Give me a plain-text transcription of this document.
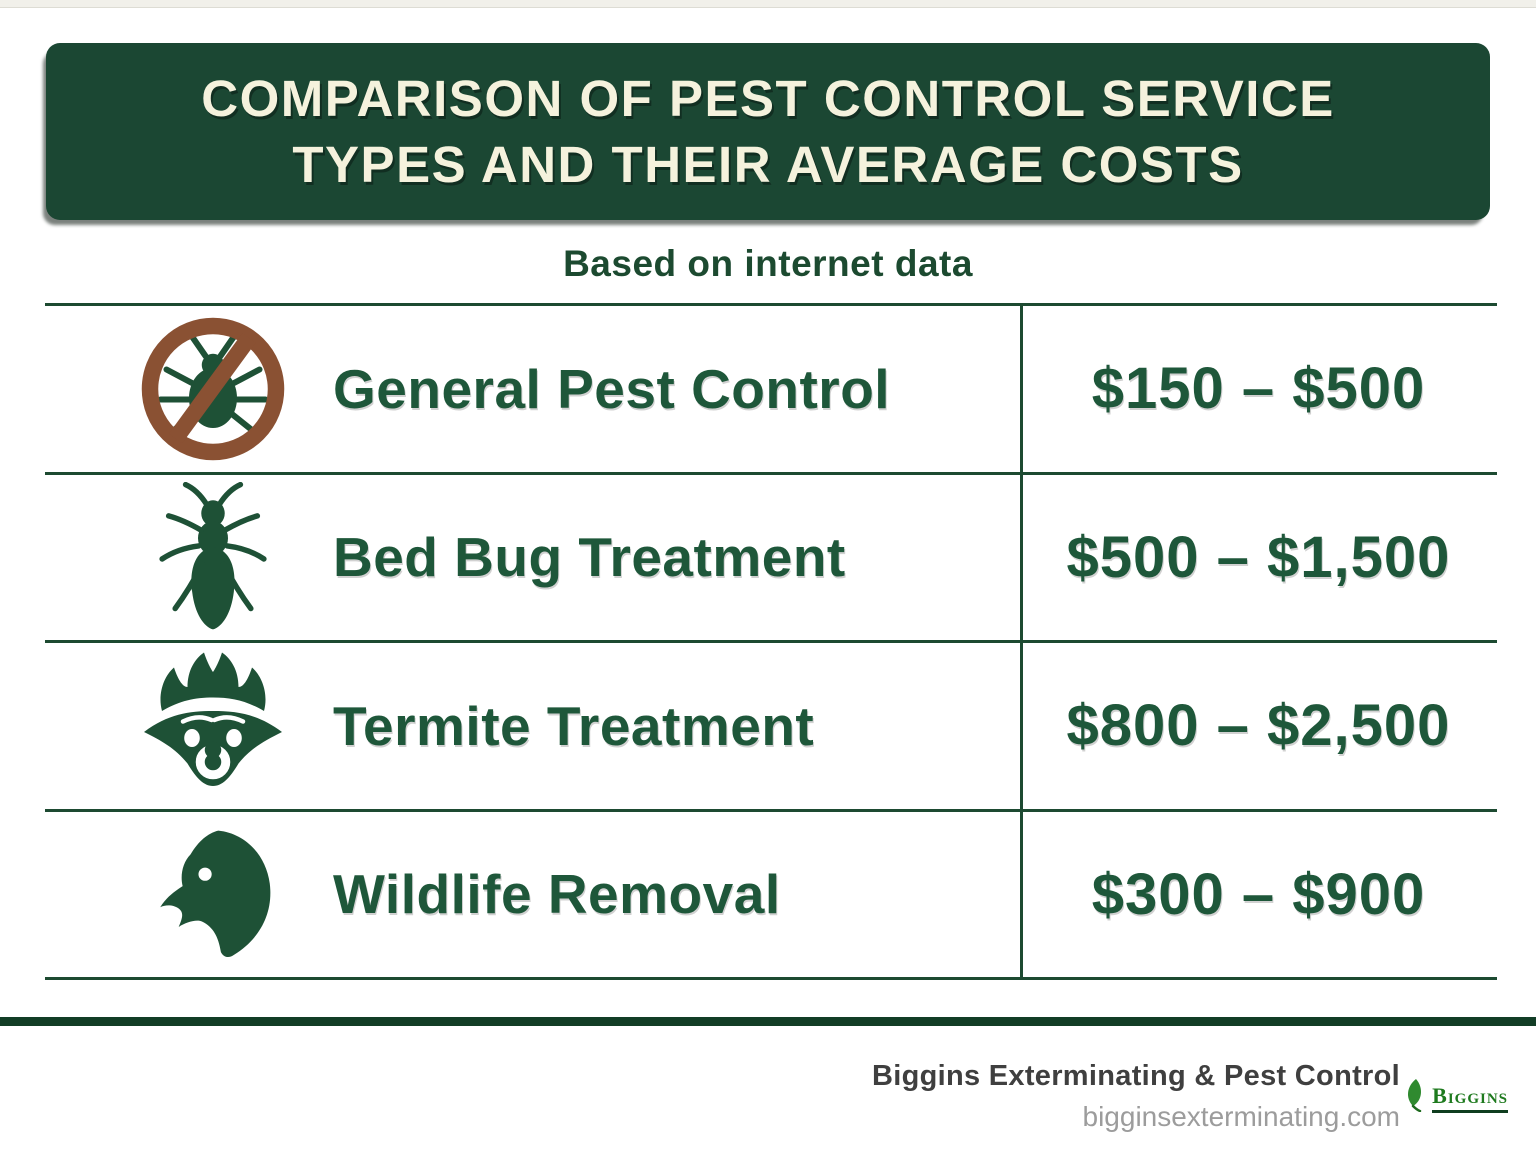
COMPARISON OF PEST CONTROL SERVICE
TYPES AND THEIR AVERAGE COSTS
Based on internet data
General Pest Control	$150 – $500
Bed Bug Treatment	$500 – $1,500
Termite Treatment	$800 – $2,500
Wildlife Removal	$300 – $900
Biggins Exterminating & Pest Control
bigginsexterminating.com
Biggins
